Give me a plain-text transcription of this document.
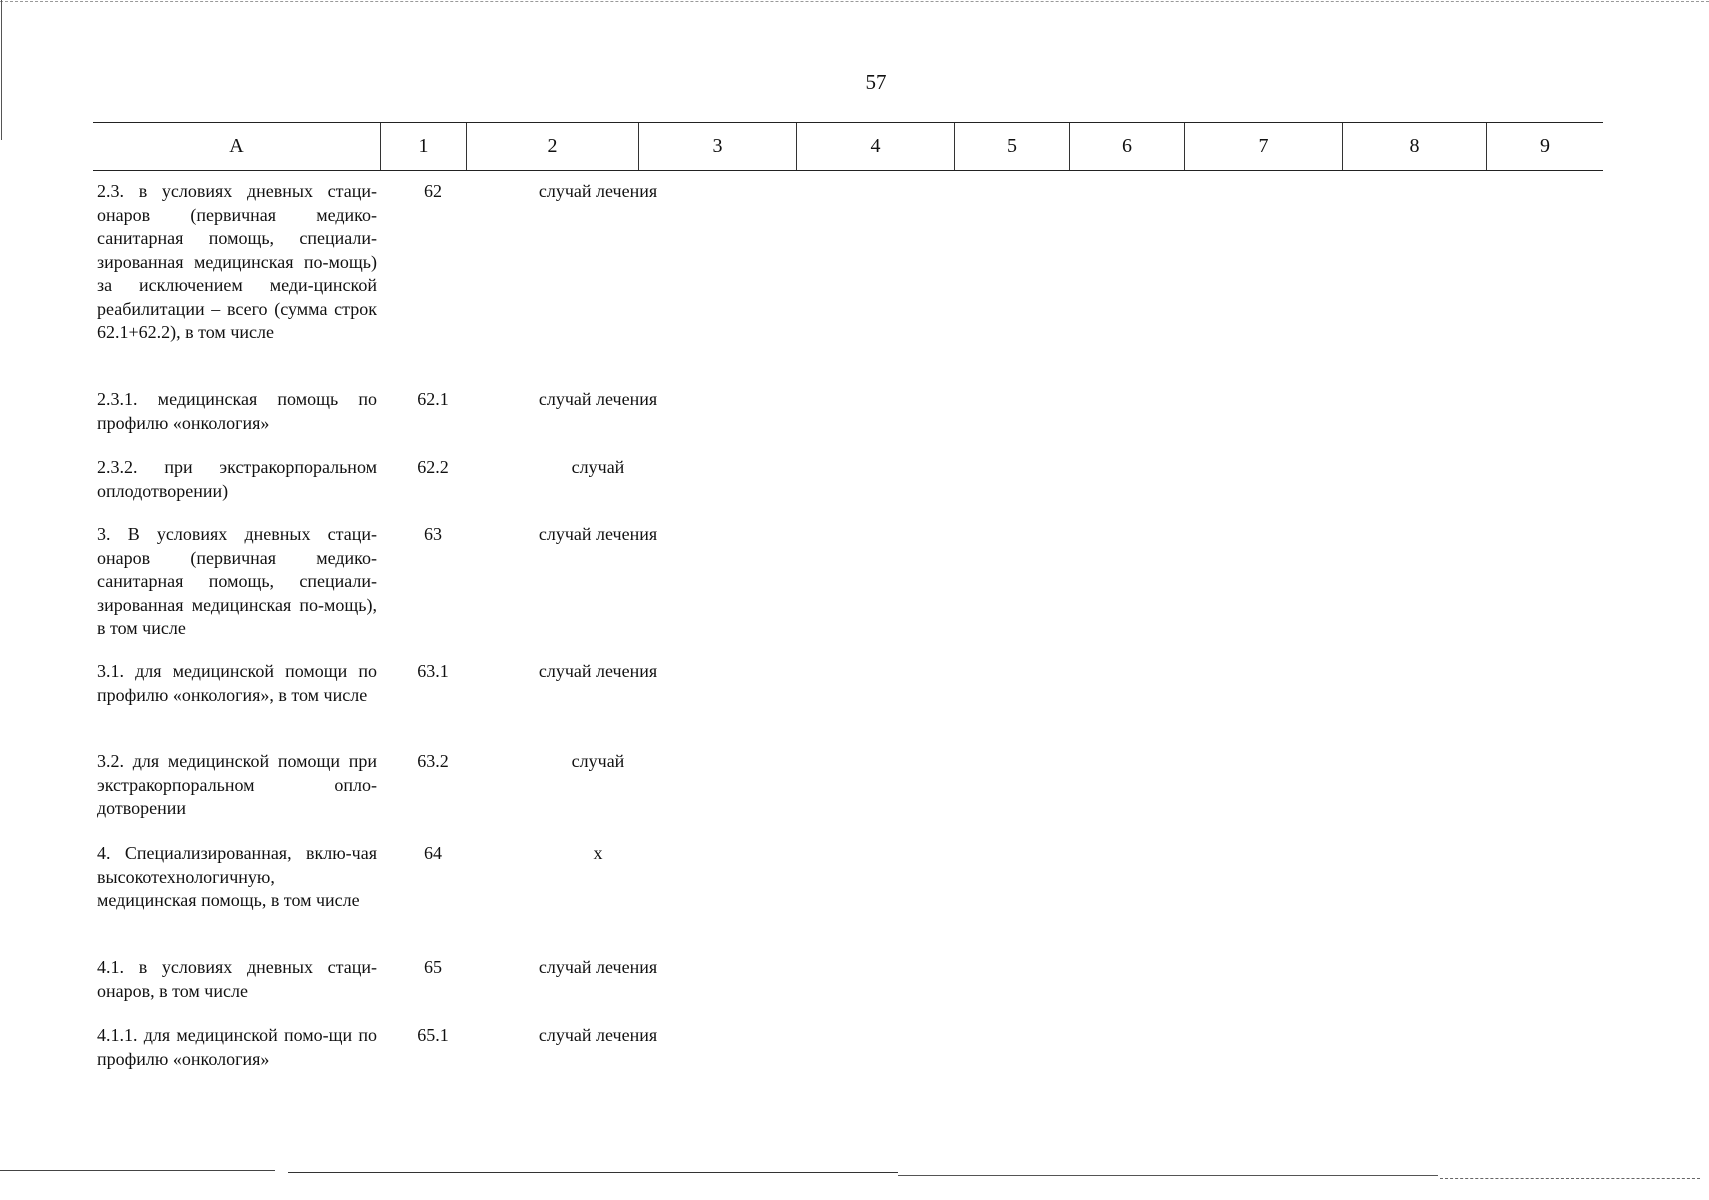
57
А	1	2	3	4	5	6	7	8	9
2.3. в условиях дневных стаци-онаров (первичная медико-санитарная помощь, специали-зированная медицинская по-мощь) за исключением меди-цинской реабилитации – всего (сумма строк 62.1+62.2), в том числе
62	случай лечения
2.3.1. медицинская помощь по профилю «онкология»
62.1	случай лечения
2.3.2. при экстракорпоральном оплодотворении)
62.2	случай
3. В условиях дневных стаци-онаров (первичная медико-санитарная помощь, специали-зированная медицинская по-мощь), в том числе
63	случай лечения
3.1. для медицинской помощи по профилю «онкология», в том числе
63.1	случай лечения
3.2. для медицинской помощи при экстракорпоральном опло-дотворении
63.2	случай
4. Специализированная, вклю-чая высокотехнологичную, медицинская помощь, в том числе
64	х
4.1. в условиях дневных стаци-онаров, в том числе
65	случай лечения
4.1.1. для медицинской помо-щи по профилю «онкология»
65.1	случай лечения
